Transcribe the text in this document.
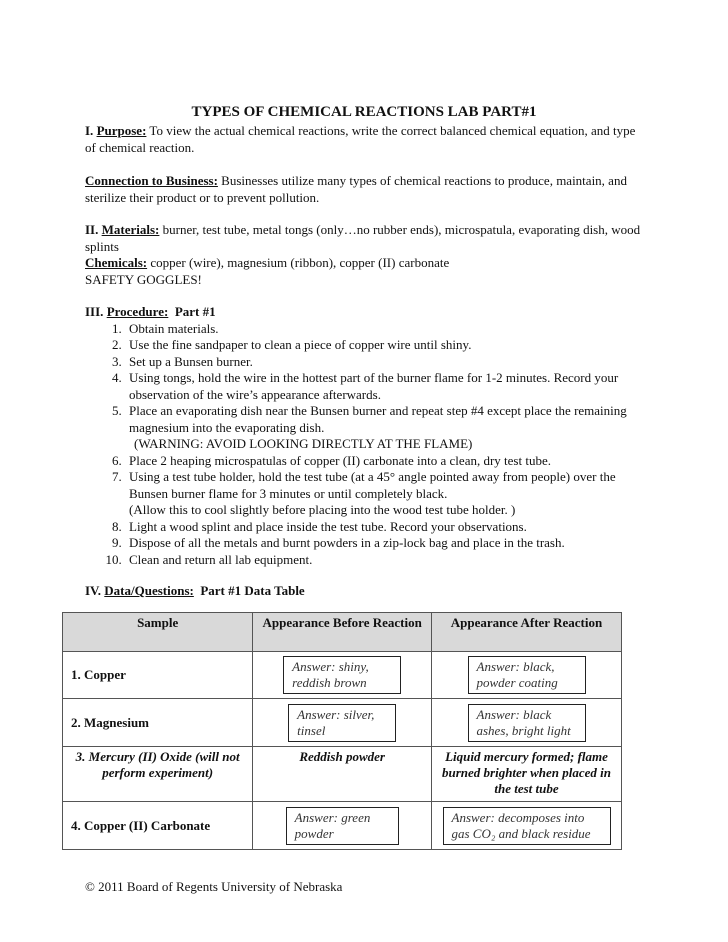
TYPES OF CHEMICAL REACTIONS LAB PART#1
I. Purpose: To view the actual chemical reactions, write the correct balanced chemical equation, and type of chemical reaction.
Connection to Business: Businesses utilize many types of chemical reactions to produce, maintain, and sterilize their product or to prevent pollution.
II. Materials: burner, test tube, metal tongs (only…no rubber ends), microspatula, evaporating dish, wood splints
Chemicals: copper (wire), magnesium (ribbon), copper (II) carbonate
SAFETY GOGGLES!
III. Procedure:  Part #1
1. Obtain materials.
2. Use the fine sandpaper to clean a piece of copper wire until shiny.
3. Set up a Bunsen burner.
4. Using tongs, hold the wire in the hottest part of the burner flame for 1-2 minutes. Record your observation of the wire’s appearance afterwards.
5. Place an evaporating dish near the Bunsen burner and repeat step #4 except place the remaining magnesium into the evaporating dish.
(WARNING: AVOID LOOKING DIRECTLY AT THE FLAME)
6. Place 2 heaping microspatulas of copper (II) carbonate into a clean, dry test tube.
7. Using a test tube holder, hold the test tube (at a 45° angle pointed away from people) over the Bunsen burner flame for 3 minutes or until completely black.
(Allow this to cool slightly before placing into the wood test tube holder. )
8. Light a wood splint and place inside the test tube. Record your observations.
9. Dispose of all the metals and burnt powders in a zip-lock bag and place in the trash.
10. Clean and return all lab equipment.
IV. Data/Questions:  Part #1 Data Table
Sample	Appearance Before Reaction	Appearance After Reaction
1. Copper	Answer: shiny, reddish brown	Answer: black, powder coating
2. Magnesium	Answer: silver, tinsel	Answer: black ashes, bright light
3. Mercury (II) Oxide (will not perform experiment)	Reddish powder	Liquid mercury formed; flame burned brighter when placed in the test tube
4. Copper (II) Carbonate	Answer: green powder	Answer: decomposes into gas CO₂ and black residue
© 2011 Board of Regents University of Nebraska
